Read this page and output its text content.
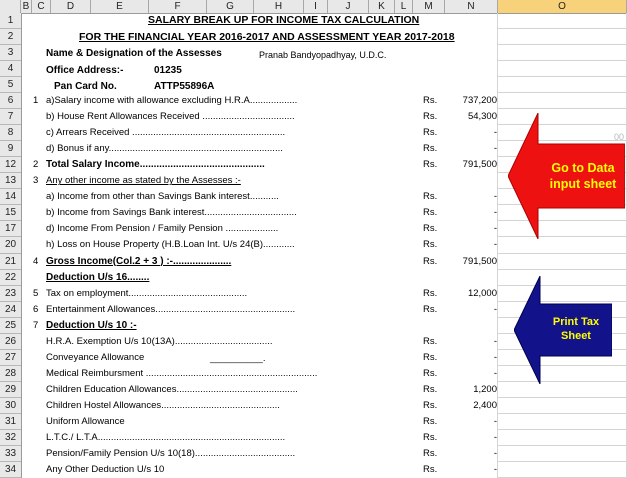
B C	D	E	F	G	H	I	J	K	L	M	N	O
1
2
3
4
5
6
7
8
9
12
13
14
15
17
20
21
22
23
24
25
26
27
28
29
30
31
32
33
34
SALARY BREAK UP FOR INCOME TAX CALCULATION
FOR THE FINANCIAL YEAR 2016-2017 AND ASSESSMENT YEAR 2017-2018
Name & Designation of the Assesses	Pranab Bandyopadhyay, U.D.C.
Office Address:-	01235
Pan Card No.	ATTP55896A
1 a)Salary income with allowance excluding H.R.A..................	Rs.	737,200
b) House Rent Allowances Received ...................................	Rs.	54,300
c) Arrears Received ..........................................................	Rs.	-
d) Bonus if any..................................................................	Rs.	-
2 Total Salary Income.............................................	Rs.	791,500
3 Any other income as stated by the Assesses :-
a) Income from other than Savings Bank interest...........	Rs.	-
b) Income from Savings Bank interest...................................	Rs.	-
d) Income From Pension / Family Pension ....................	Rs.	-
h) Loss on House Property (H.B.Loan Int. U/s 24(B)............	Rs.	-
4 Gross Income(Col.2 + 3 ) :-.....................	Rs.	791,500
Deduction U/s 16........
5 Tax on employment.............................................	Rs.	12,000
6 Entertainment Allowances.....................................................	Rs.	-
7 Deduction U/s 10 :-
H.R.A. Exemption U/s 10(13A).....................................	Rs.	-
Conveyance Allowance	Rs.	-
Medical Reimbursment .................................................................	Rs.	-
Children Education Allowances..............................................	Rs.	1,200
Children Hostel Allowances.............................................	Rs.	2,400
Uniform Allowance	Rs.	-
L.T.C./ L.T.A.......................................................................	Rs.	-
Pension/Family Pension U/s 10(18)......................................	Rs.	-
Any Other Deduction U/s 10	Rs.	-
__________.
00
Go to Data input sheet
Print Tax Sheet
